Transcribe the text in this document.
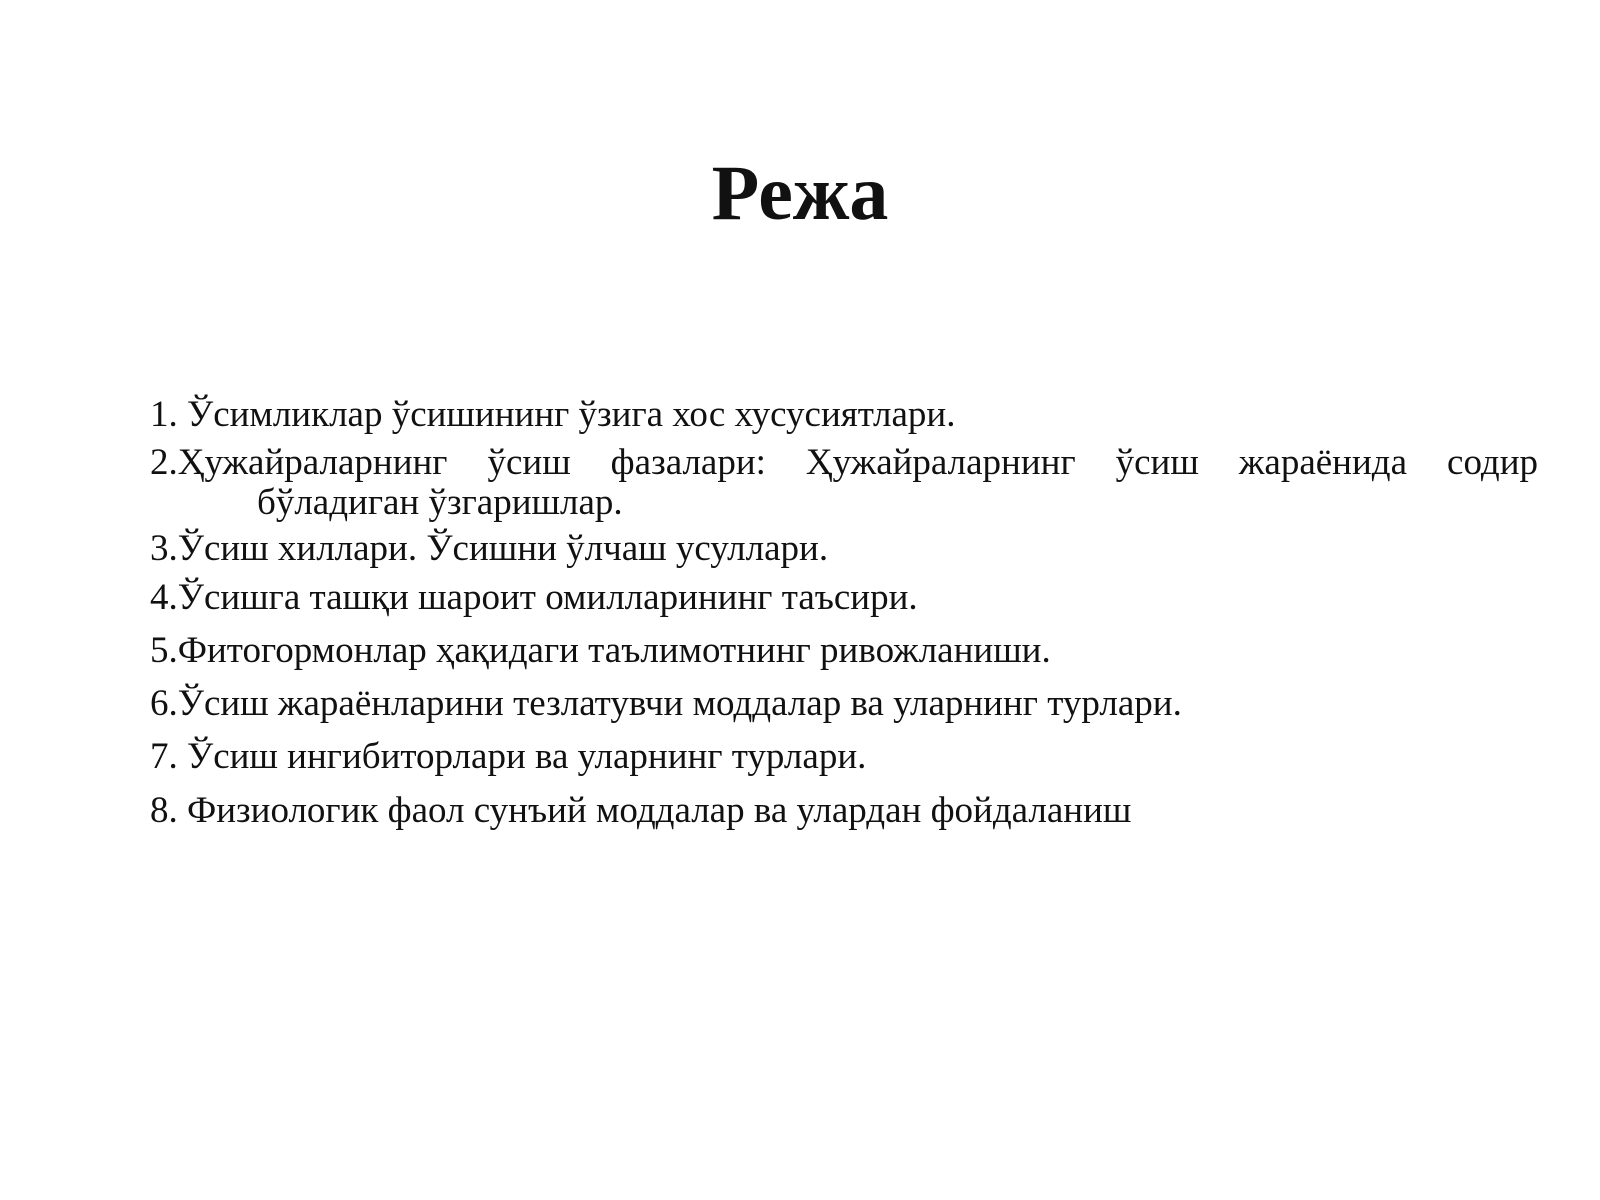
Режа
1. Ўсимликлар ўсишининг ўзига хос хусусиятлари.
2.Ҳужайраларнинг ўсиш фазалари: Ҳужайраларнинг ўсиш жараёнида содир
бўладиган ўзгаришлар.
3.Ўсиш хиллари. Ўсишни ўлчаш усуллари.
4.Ўсишга ташқи шароит омилларининг таъсири.
5.Фитогормонлар ҳақидаги таълимотнинг ривожланиши.
6.Ўсиш жараёнларини тезлатувчи моддалар ва уларнинг турлари.
7. Ўсиш ингибиторлари ва уларнинг турлари.
8. Физиологик фаол сунъий моддалар ва улардан фойдаланиш
